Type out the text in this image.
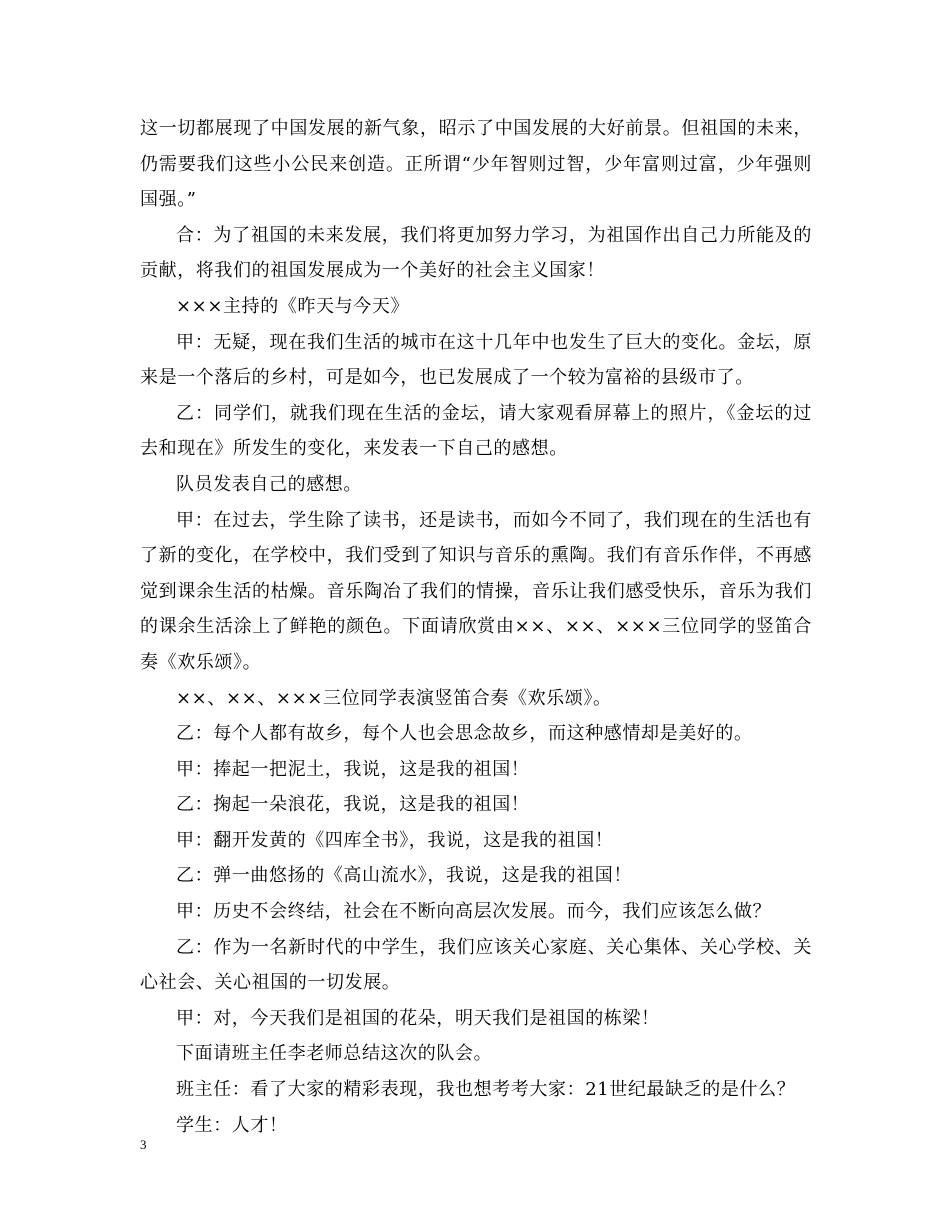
这一切都展现了中国发展的新气象，昭示了中国发展的大好前景。但祖国的未来，仍需要我们这些小公民来创造。正所谓“少年智则过智，少年富则过富，少年强则国强。”

合：为了祖国的未来发展，我们将更加努力学习，为祖国作出自己力所能及的贡献，将我们的祖国发展成为一个美好的社会主义国家！

×××主持的《昨天与今天》

甲：无疑，现在我们生活的城市在这十几年中也发生了巨大的变化。金坛，原来是一个落后的乡村，可是如今，也已发展成了一个较为富裕的县级市了。

乙：同学们，就我们现在生活的金坛，请大家观看屏幕上的照片，《金坛的过去和现在》所发生的变化，来发表一下自己的感想。

队员发表自己的感想。

甲：在过去，学生除了读书，还是读书，而如今不同了，我们现在的生活也有了新的变化，在学校中，我们受到了知识与音乐的熏陶。我们有音乐作伴，不再感觉到课余生活的枯燥。音乐陶冶了我们的情操，音乐让我们感受快乐，音乐为我们的课余生活涂上了鲜艳的颜色。下面请欣赏由××、××、×××三位同学的竖笛合奏《欢乐颂》。

××、××、×××三位同学表演竖笛合奏《欢乐颂》。

乙：每个人都有故乡，每个人也会思念故乡，而这种感情却是美好的。

甲：捧起一把泥土，我说，这是我的祖国！

乙：掬起一朵浪花，我说，这是我的祖国！

甲：翻开发黄的《四库全书》，我说，这是我的祖国！

乙：弹一曲悠扬的《高山流水》，我说，这是我的祖国！

甲：历史不会终结，社会在不断向高层次发展。而今，我们应该怎么做？

乙：作为一名新时代的中学生，我们应该关心家庭、关心集体、关心学校、关心社会、关心祖国的一切发展。

甲：对，今天我们是祖国的花朵，明天我们是祖国的栋梁！

下面请班主任李老师总结这次的队会。

班主任：看了大家的精彩表现，我也想考考大家：21世纪最缺乏的是什么？

学生：人才！

3
